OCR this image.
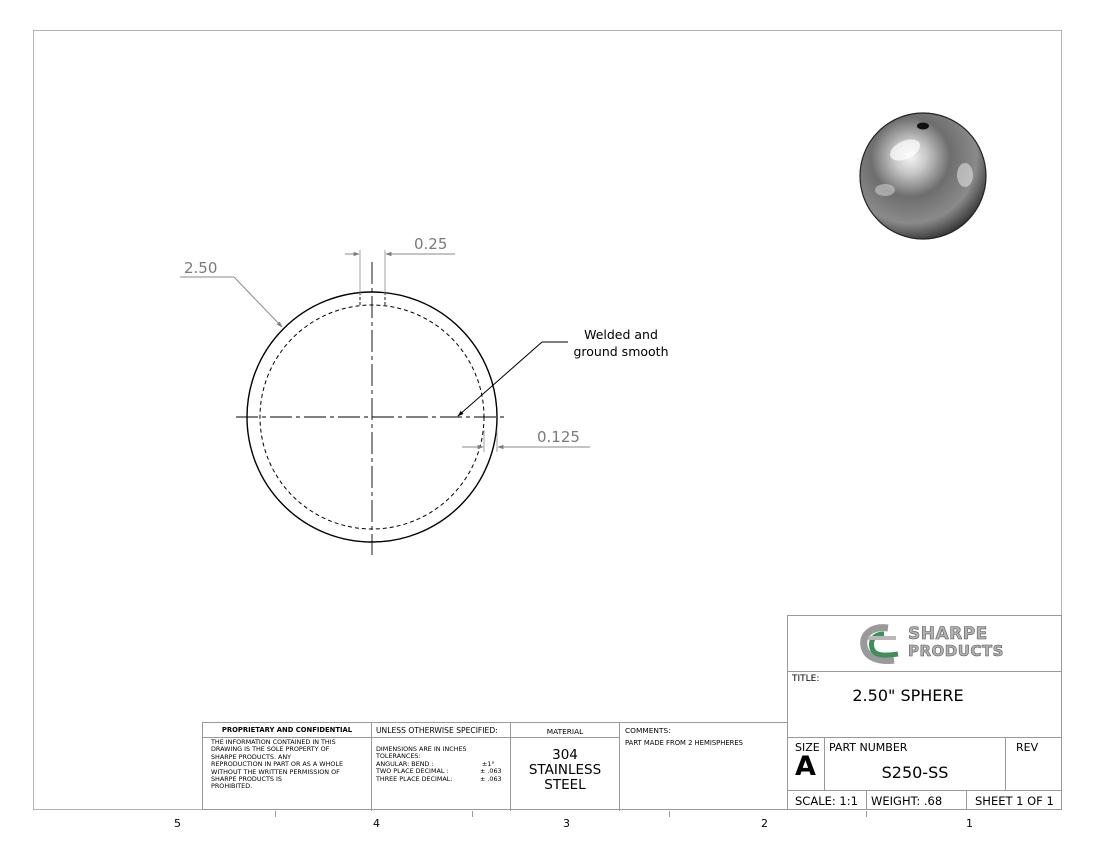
2.50
0.25
0.125
Welded and
ground smooth
5	4	3	2	1
PROPRIETARY AND CONFIDENTIAL
THE INFORMATION CONTAINED IN THIS
DRAWING IS THE SOLE PROPERTY OF
SHARPE PRODUCTS. ANY
REPRODUCTION IN PART OR AS A WHOLE
WITHOUT THE WRITTEN PERMISSION OF
SHARPE PRODUCTS IS
PROHIBITED.
UNLESS OTHERWISE SPECIFIED:
DIMENSIONS ARE IN INCHES
TOLERANCES:
ANGULAR: BEND :	±1°
TWO PLACE DECIMAL :	± .063
THREE PLACE DECIMAL:	± .063
MATERIAL
304
STAINLESS
STEEL
COMMENTS:
PART MADE FROM 2 HEMISPHERES
SHARPE
PRODUCTS
TITLE:
2.50" SPHERE
SIZE
A
PART NUMBER
S250-SS
REV
SCALE: 1:1 WEIGHT: .68	SHEET 1 OF 1
